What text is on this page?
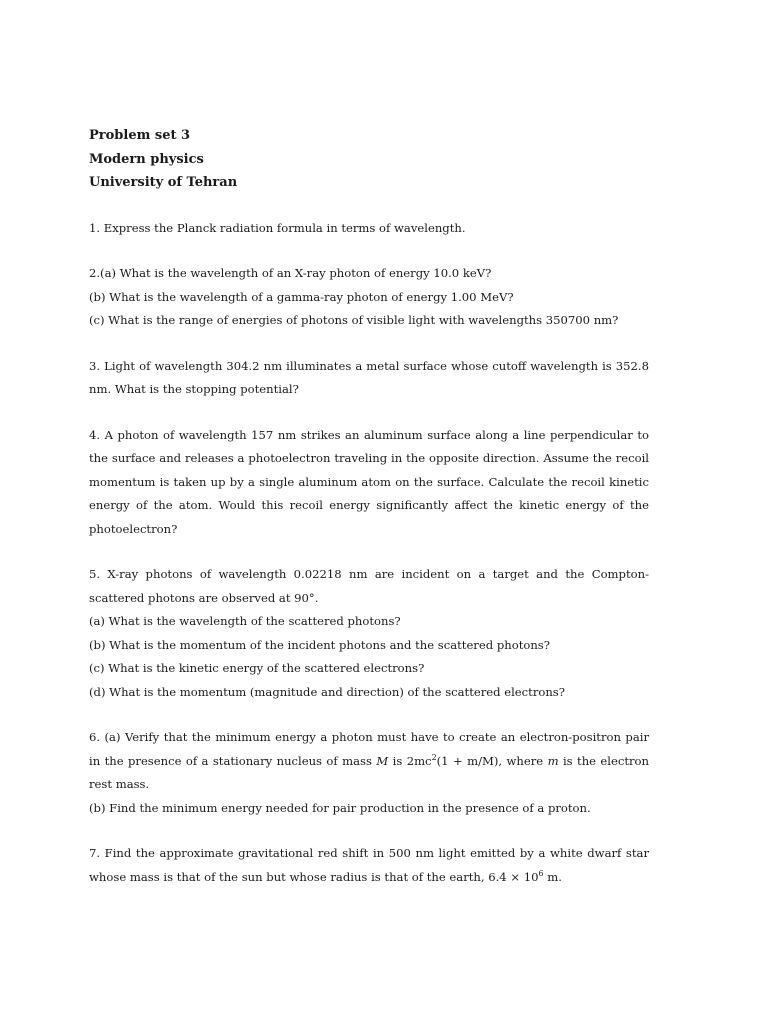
Problem set 3

Modern physics

University of Tehran

1. Express the Planck radiation formula in terms of wavelength.

2.(a) What is the wavelength of an X-ray photon of energy 10.0 keV?

(b) What is the wavelength of a gamma-ray photon of energy 1.00 MeV?

(c) What is the range of energies of photons of visible light with wavelengths 350700 nm?

3. Light of wavelength 304.2 nm illuminates a metal surface whose cutoff wavelength is 352.8 nm. What is the stopping potential?

4. A photon of wavelength 157 nm strikes an aluminum surface along a line perpendicular to the surface and releases a photoelectron traveling in the opposite direction. Assume the recoil momentum is taken up by a single aluminum atom on the surface. Calculate the recoil kinetic energy of the atom. Would this recoil energy significantly affect the kinetic energy of the photoelectron?

5. X-ray photons of wavelength 0.02218 nm are incident on a target and the Compton-scattered photons are observed at 90°.

(a) What is the wavelength of the scattered photons?

(b) What is the momentum of the incident photons and the scattered photons?

(c) What is the kinetic energy of the scattered electrons?

(d) What is the momentum (magnitude and direction) of the scattered electrons?

6. (a) Verify that the minimum energy a photon must have to create an electron-positron pair in the presence of a stationary nucleus of mass M is $2mc^2(1 + m/M)$, where m is the electron rest mass.

(b) Find the minimum energy needed for pair production in the presence of a proton.

7. Find the approximate gravitational red shift in 500 nm light emitted by a white dwarf star whose mass is that of the sun but whose radius is that of the earth, $6.4 \times 10^6$ m.
